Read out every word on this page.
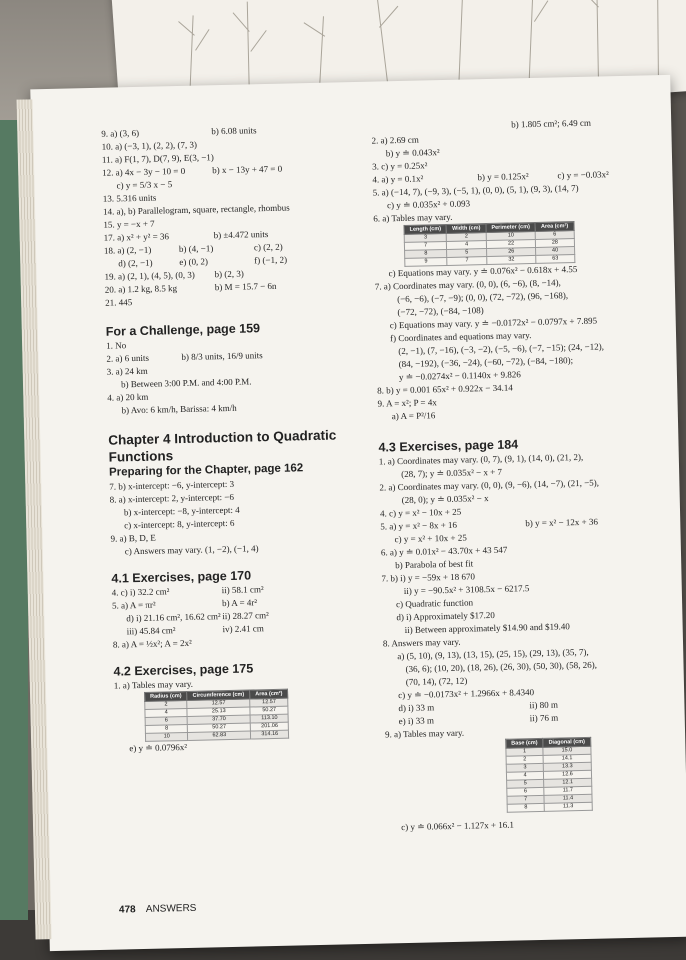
9. a) (3, 6)	b) 6.08 units
10. a) (−3, 1), (2, 2), (7, 3)
11. a) F(1, 7), D(7, 9), E(3, −1)
12. a) 4x − 3y − 10 = 0	b) x − 13y + 47 = 0
c) y = 5/3 x − 5
13. 5.316 units
14. a), b) Parallelogram, square, rectangle, rhombus
15. y = −x + 7
17. a) x² + y² = 36	b) ±4.472 units
18. a) (2, −1)	b) (4, −1)	c) (2, 2)
d) (2, −1)	e) (0, 2)	f) (−1, 2)
19. a) (2, 1), (4, 5), (0, 3) b) (2, 3)
20. a) 1.2 kg, 8.5 kg	b) M = 15.7 − 6n
21. 445
For a Challenge, page 159
1. No
2. a) 6 units	b) 8/3 units, 16/9 units
3. a) 24 km
b) Between 3:00 P.M. and 4:00 P.M.
4. a) 20 km
b) Avo: 6 km/h, Barissa: 4 km/h
Chapter 4 Introduction to Quadratic Functions
Preparing for the Chapter, page 162
7. b) x-intercept: −6, y-intercept: 3
8. a) x-intercept: 2, y-intercept: −6
b) x-intercept: −8, y-intercept: 4
c) x-intercept: 8, y-intercept: 6
9. a) B, D, E
c) Answers may vary. (1, −2), (−1, 4)
4.1 Exercises, page 170
4. c) i) 32.2 cm²	ii) 58.1 cm²
5. a) A = πr²	b) A = 4r²
d) i) 21.16 cm², 16.62 cm² ii) 28.27 cm²
iii) 45.84 cm²	iv) 2.41 cm
8. a) A = ½x²; A = 2x²
4.2 Exercises, page 175
1. a) Tables may vary.
Radius (cm)	Circumference (cm)	Area (cm²)
2	12.57	12.57
4	25.13	50.27
6	37.70	113.10
8	50.27	201.06
10	62.83	314.16
e) y ≐ 0.0796x²
b) 1.805 cm²; 6.49 cm
2. a) 2.69 cm
b) y ≐ 0.043x²
3. c) y = 0.25x²
4. a) y = 0.1x²	b) y = 0.125x²	c) y = −0.03x²
5. a) (−14, 7), (−9, 3), (−5, 1), (0, 0), (5, 1), (9, 3), (14, 7)
c) y ≐ 0.035x² + 0.093
6. a) Tables may vary.
Length (cm)	Width (cm)	Perimeter (cm)	Area (cm²)
3	2	10	6
7	4	22	28
8	5	26	40
9	7	32	63
c) Equations may vary. y ≐ 0.076x² − 0.618x + 4.55
7. a) Coordinates may vary. (0, 0), (6, −6), (8, −14),
(−6, −6), (−7, −9); (0, 0), (72, −72), (96, −168),
(−72, −72), (−84, −108)
c) Equations may vary. y ≐ −0.0172x² − 0.0797x + 7.895
f) Coordinates and equations may vary.
(2, −1), (7, −16), (−3, −2), (−5, −6), (−7, −15); (24, −12),
(84, −192), (−36, −24), (−60, −72), (−84, −180);
y ≐ −0.0274x² − 0.1140x + 9.826
8. b) y = 0.001 65x² + 0.922x − 34.14
9. A = x²; P = 4x
a) A = P²/16
4.3 Exercises, page 184
1. a) Coordinates may vary. (0, 7), (9, 1), (14, 0), (21, 2),
(28, 7); y ≐ 0.035x² − x + 7
2. a) Coordinates may vary. (0, 0), (9, −6), (14, −7), (21, −5),
(28, 0); y ≐ 0.035x² − x
4. c) y = x² − 10x + 25
5. a) y = x² − 8x + 16	b) y = x² − 12x + 36
c) y = x² + 10x + 25
6. a) y ≐ 0.01x² − 43.70x + 43 547
b) Parabola of best fit
7. b) i) y = −59x + 18 670
ii) y = −90.5x² + 3108.5x − 6217.5
c) Quadratic function
d) i) Approximately $17.20
ii) Between approximately $14.90 and $19.40
8. Answers may vary.
a) (5, 10), (9, 13), (13, 15), (25, 15), (29, 13), (35, 7),
(36, 6); (10, 20), (18, 26), (26, 30), (50, 30), (58, 26),
(70, 14), (72, 12)
c) y ≐ −0.0173x² + 1.2966x + 8.4340
d) i) 33 m	ii) 80 m
e) i) 33 m	ii) 76 m
9. a) Tables may vary.
Base (cm)	Diagonal (cm)
1	15.0
2	14.1
3	13.3
4	12.6
5	12.1
6	11.7
7	11.4
8	11.3
c) y ≐ 0.066x² − 1.127x + 16.1
478 ANSWERS
